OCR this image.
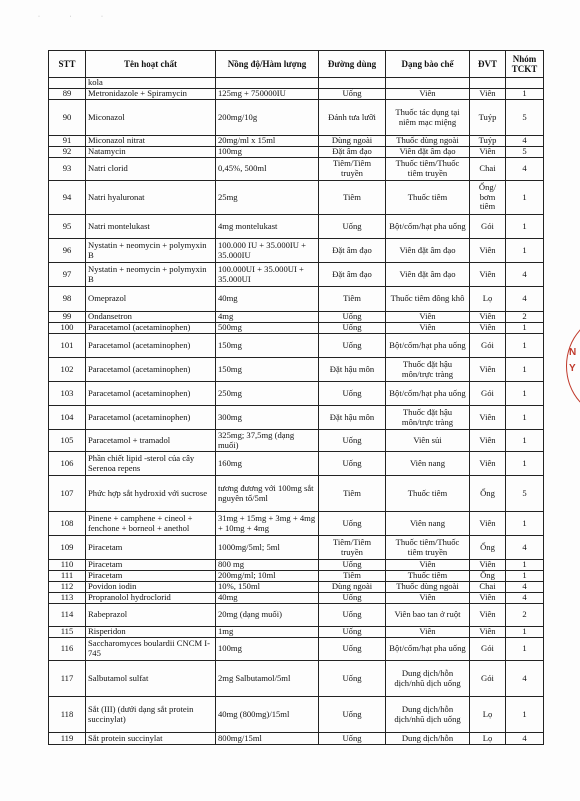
· · ·
STT	Tên hoạt chất	Nồng độ/Hàm lượng	Đường dùng	Dạng bào chế	ĐVT	Nhóm TCKT
	kola					
89	Metronidazole + Spiramycin	125mg + 750000IU	Uống	Viên	Viên	1
90	Miconazol	200mg/10g	Đánh tưa lưỡi	Thuốc tác dụng tại niêm mạc miệng	Tuýp	5
91	Miconazol nitrat	20mg/ml x 15ml	Dùng ngoài	Thuốc dùng ngoài	Tuýp	4
92	Natamycin	100mg	Đặt âm đạo	Viên đặt âm đạo	Viên	5
93	Natri clorid	0,45%, 500ml	Tiêm/Tiêm truyền	Thuốc tiêm/Thuốc tiêm truyền	Chai	4
94	Natri hyaluronat	25mg	Tiêm	Thuốc tiêm	Ống/ bơm tiêm	1
95	Natri montelukast	4mg montelukast	Uống	Bột/cốm/hạt pha uống	Gói	1
96	Nystatin + neomycin + polymyxin B	100.000 IU + 35.000IU + 35.000IU	Đặt âm đạo	Viên đặt âm đạo	Viên	1
97	Nystatin + neomycin + polymyxin B	100.000UI + 35.000UI + 35.000UI	Đặt âm đạo	Viên đặt âm đạo	Viên	4
98	Omeprazol	40mg	Tiêm	Thuốc tiêm đông khô	Lọ	4
99	Ondansetron	4mg	Uống	Viên	Viên	2
100	Paracetamol (acetaminophen)	500mg	Uống	Viên	Viên	1
101	Paracetamol (acetaminophen)	150mg	Uống	Bột/cốm/hạt pha uống	Gói	1
102	Paracetamol (acetaminophen)	150mg	Đặt hậu môn	Thuốc đặt hậu môn/trực tràng	Viên	1
103	Paracetamol (acetaminophen)	250mg	Uống	Bột/cốm/hạt pha uống	Gói	1
104	Paracetamol (acetaminophen)	300mg	Đặt hậu môn	Thuốc đặt hậu môn/trực tràng	Viên	1
105	Paracetamol + tramadol	325mg; 37,5mg (dạng muối)	Uống	Viên sủi	Viên	1
106	Phần chiết lipid -sterol của cây Serenoa repens	160mg	Uống	Viên nang	Viên	1
107	Phức hợp sắt hydroxid với sucrose	tương đương với 100mg sắt nguyên tố/5ml	Tiêm	Thuốc tiêm	Ống	5
108	Pinene + camphene + cineol + fenchone + borneol + anethol	31mg + 15mg + 3mg + 4mg + 10mg + 4mg	Uống	Viên nang	Viên	1
109	Piracetam	1000mg/5ml; 5ml	Tiêm/Tiêm truyền	Thuốc tiêm/Thuốc tiêm truyền	Ống	4
110	Piracetam	800 mg	Uống	Viên	Viên	1
111	Piracetam	200mg/ml; 10ml	Tiêm	Thuốc tiêm	Ống	1
112	Povidon iodin	10%, 150ml	Dùng ngoài	Thuốc dùng ngoài	Chai	4
113	Propranolol hydroclorid	40mg	Uống	Viên	Viên	4
114	Rabeprazol	20mg (dạng muối)	Uống	Viên bao tan ở ruột	Viên	2
115	Risperidon	1mg	Uống	Viên	Viên	1
116	Saccharomyces boulardii CNCM I-745	100mg	Uống	Bột/cốm/hạt pha uống	Gói	1
117	Salbutamol sulfat	2mg Salbutamol/5ml	Uống	Dung dịch/hỗn dịch/nhũ dịch uống	Gói	4
118	Sắt (III) (dưới dạng sắt protein succinylat)	40mg (800mg)/15ml	Uống	Dung dịch/hỗn dịch/nhũ dịch uống	Lọ	1
119	Sắt protein succinylat	800mg/15ml	Uống	Dung dịch/hỗn	Lọ	4
N
Y
